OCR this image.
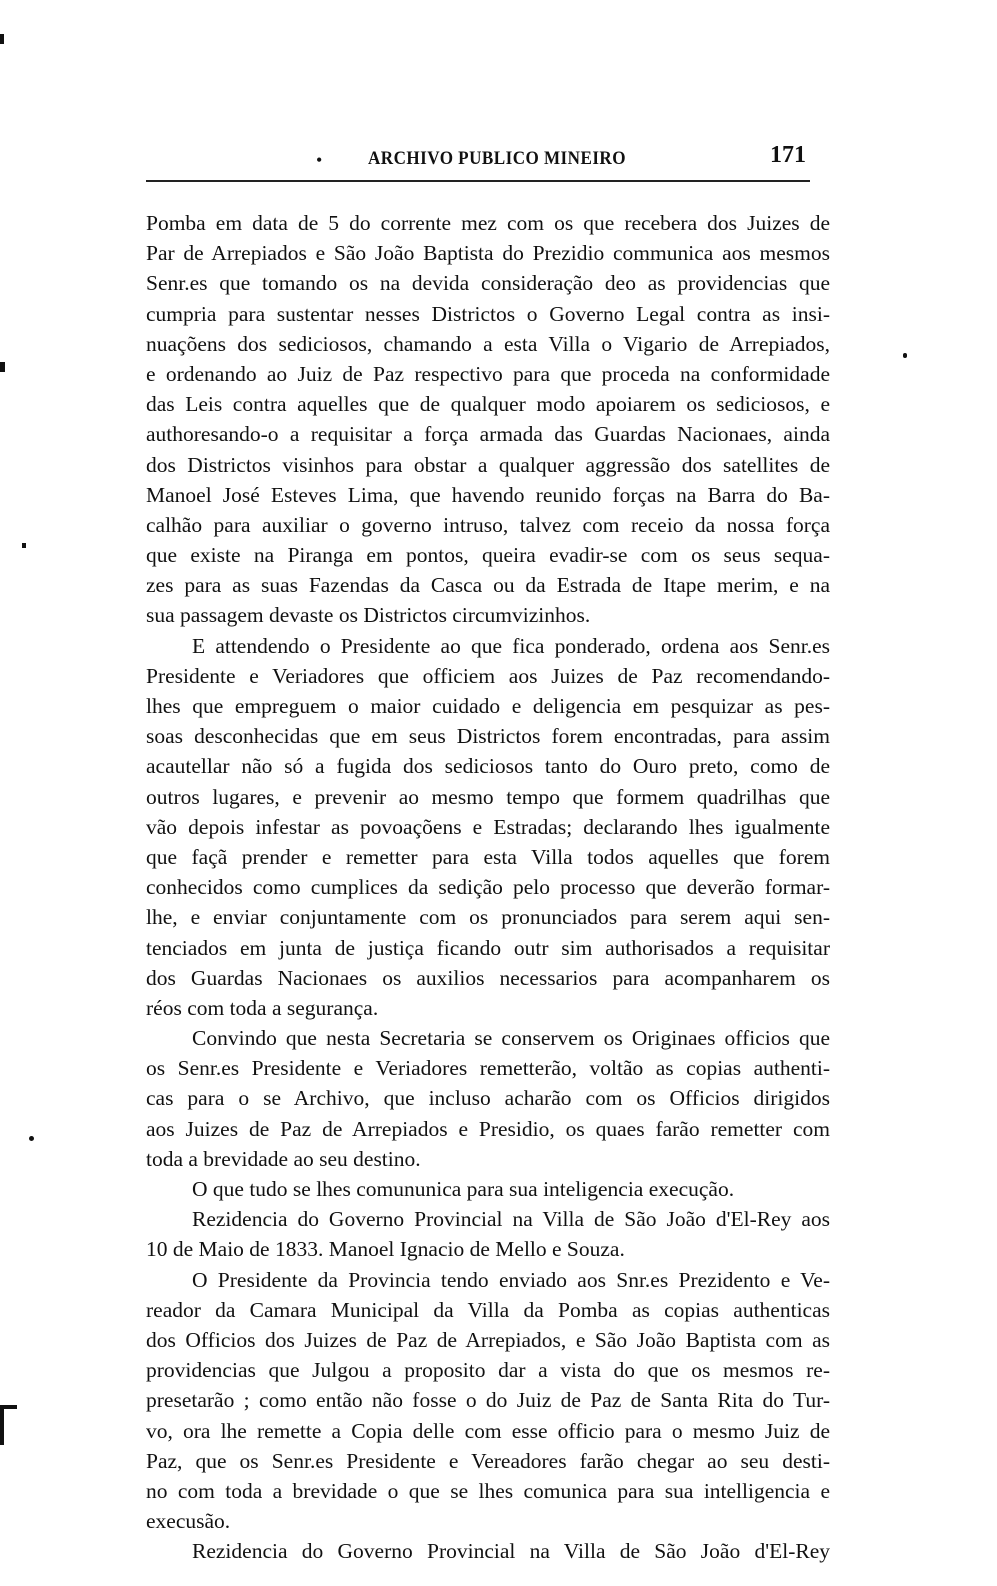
• ARCHIVO PUBLICO MINEIRO	171
Pomba em data de 5 do corrente mez com os que recebera dos Juizes de
Par de Arrepiados e São João Baptista do Prezidio communica aos mesmos
Senr.es que tomando os na devida consideração deo as providencias que
cumpria para sustentar nesses Districtos o Governo Legal contra as insi-
nuaçõens dos sediciosos, chamando a esta Villa o Vigario de Arrepiados,
e ordenando ao Juiz de Paz respectivo para que proceda na conformidade
das Leis contra aquelles que de qualquer modo apoiarem os sediciosos, e
authoresando-o a requisitar a força armada das Guardas Nacionaes, ainda
dos Districtos visinhos para obstar a qualquer aggressão dos satellites de
Manoel José Esteves Lima, que havendo reunido forças na Barra do Ba-
calhão para auxiliar o governo intruso, talvez com receio da nossa força
que existe na Piranga em pontos, queira evadir-se com os seus sequa-
zes para as suas Fazendas da Casca ou da Estrada de Itape merim, e na
sua passagem devaste os Districtos circumvizinhos.
E attendendo o Presidente ao que fica ponderado, ordena aos Senr.es
Presidente e Veriadores que officiem aos Juizes de Paz recomendando-
lhes que empreguem o maior cuidado e deligencia em pesquizar as pes-
soas desconhecidas que em seus Districtos forem encontradas, para assim
acautellar não só a fugida dos sediciosos tanto do Ouro preto, como de
outros lugares, e prevenir ao mesmo tempo que formem quadrilhas que
vão depois infestar as povoaçõens e Estradas; declarando lhes igualmente
que façã prender e remetter para esta Villa todos aquelles que forem
conhecidos como cumplices da sedição pelo processo que deverão formar-
lhe, e enviar conjuntamente com os pronunciados para serem aqui sen-
tenciados em junta de justiça ficando outr sim authorisados a requisitar
dos Guardas Nacionaes os auxilios necessarios para acompanharem os
réos com toda a segurança.
Convindo que nesta Secretaria se conservem os Originaes officios que
os Senr.es Presidente e Veriadores remetterão, voltão as copias authenti-
cas para o se Archivo, que incluso acharão com os Officios dirigidos
aos Juizes de Paz de Arrepiados e Presidio, os quaes farão remetter com
toda a brevidade ao seu destino.
O que tudo se lhes comununica para sua inteligencia execução.
Rezidencia do Governo Provincial na Villa de São João d'El-Rey aos
10 de Maio de 1833. Manoel Ignacio de Mello e Souza.
O Presidente da Provincia tendo enviado aos Snr.es Prezidento e Ve-
reador da Camara Municipal da Villa da Pomba as copias authenticas
dos Officios dos Juizes de Paz de Arrepiados, e São João Baptista com as
providencias que Julgou a proposito dar a vista do que os mesmos re-
presetarão ; como então não fosse o do Juiz de Paz de Santa Rita do Tur-
vo, ora lhe remette a Copia delle com esse officio para o mesmo Juiz de
Paz, que os Senr.es Presidente e Vereadores farão chegar ao seu desti-
no com toda a brevidade o que se lhes comunica para sua intelligencia e
execusão.
Rezidencia do Governo Provincial na Villa de São João d'El-Rey
